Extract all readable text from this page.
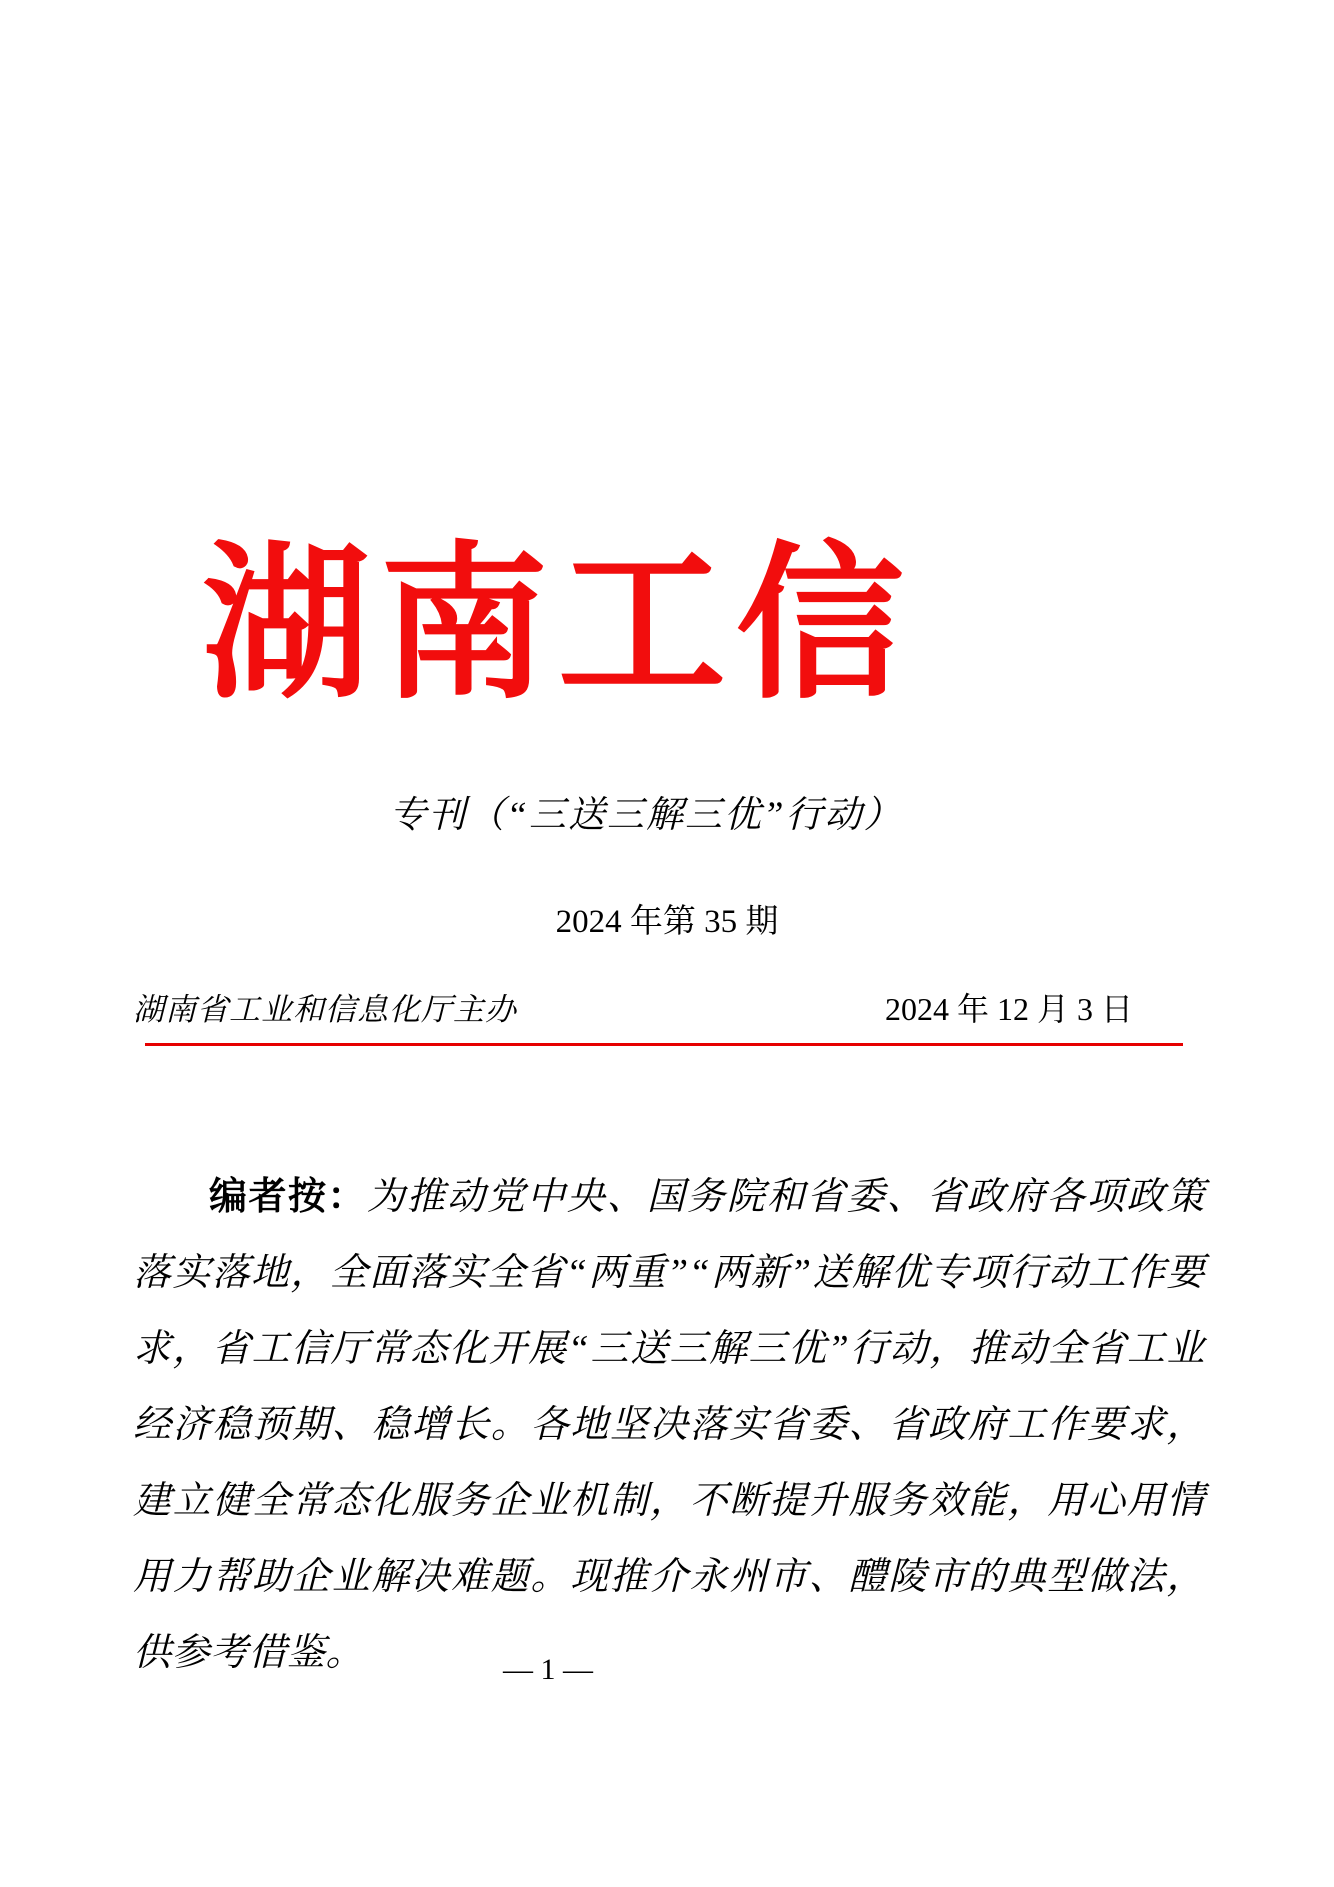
湖南工信
专刊（“三送三解三优”行动）
2024 年第 35 期
湖南省工业和信息化厅主办	2024 年 12 月 3 日

编者按：为推动党中央、国务院和省委、省政府各项政策落实落地，全面落实全省“两重”“两新”送解优专项行动工作要求，省工信厅常态化开展“三送三解三优”行动，推动全省工业经济稳预期、稳增长。各地坚决落实省委、省政府工作要求，建立健全常态化服务企业机制，不断提升服务效能，用心用情用力帮助企业解决难题。现推介永州市、醴陵市的典型做法，供参考借鉴。	— 1 —
